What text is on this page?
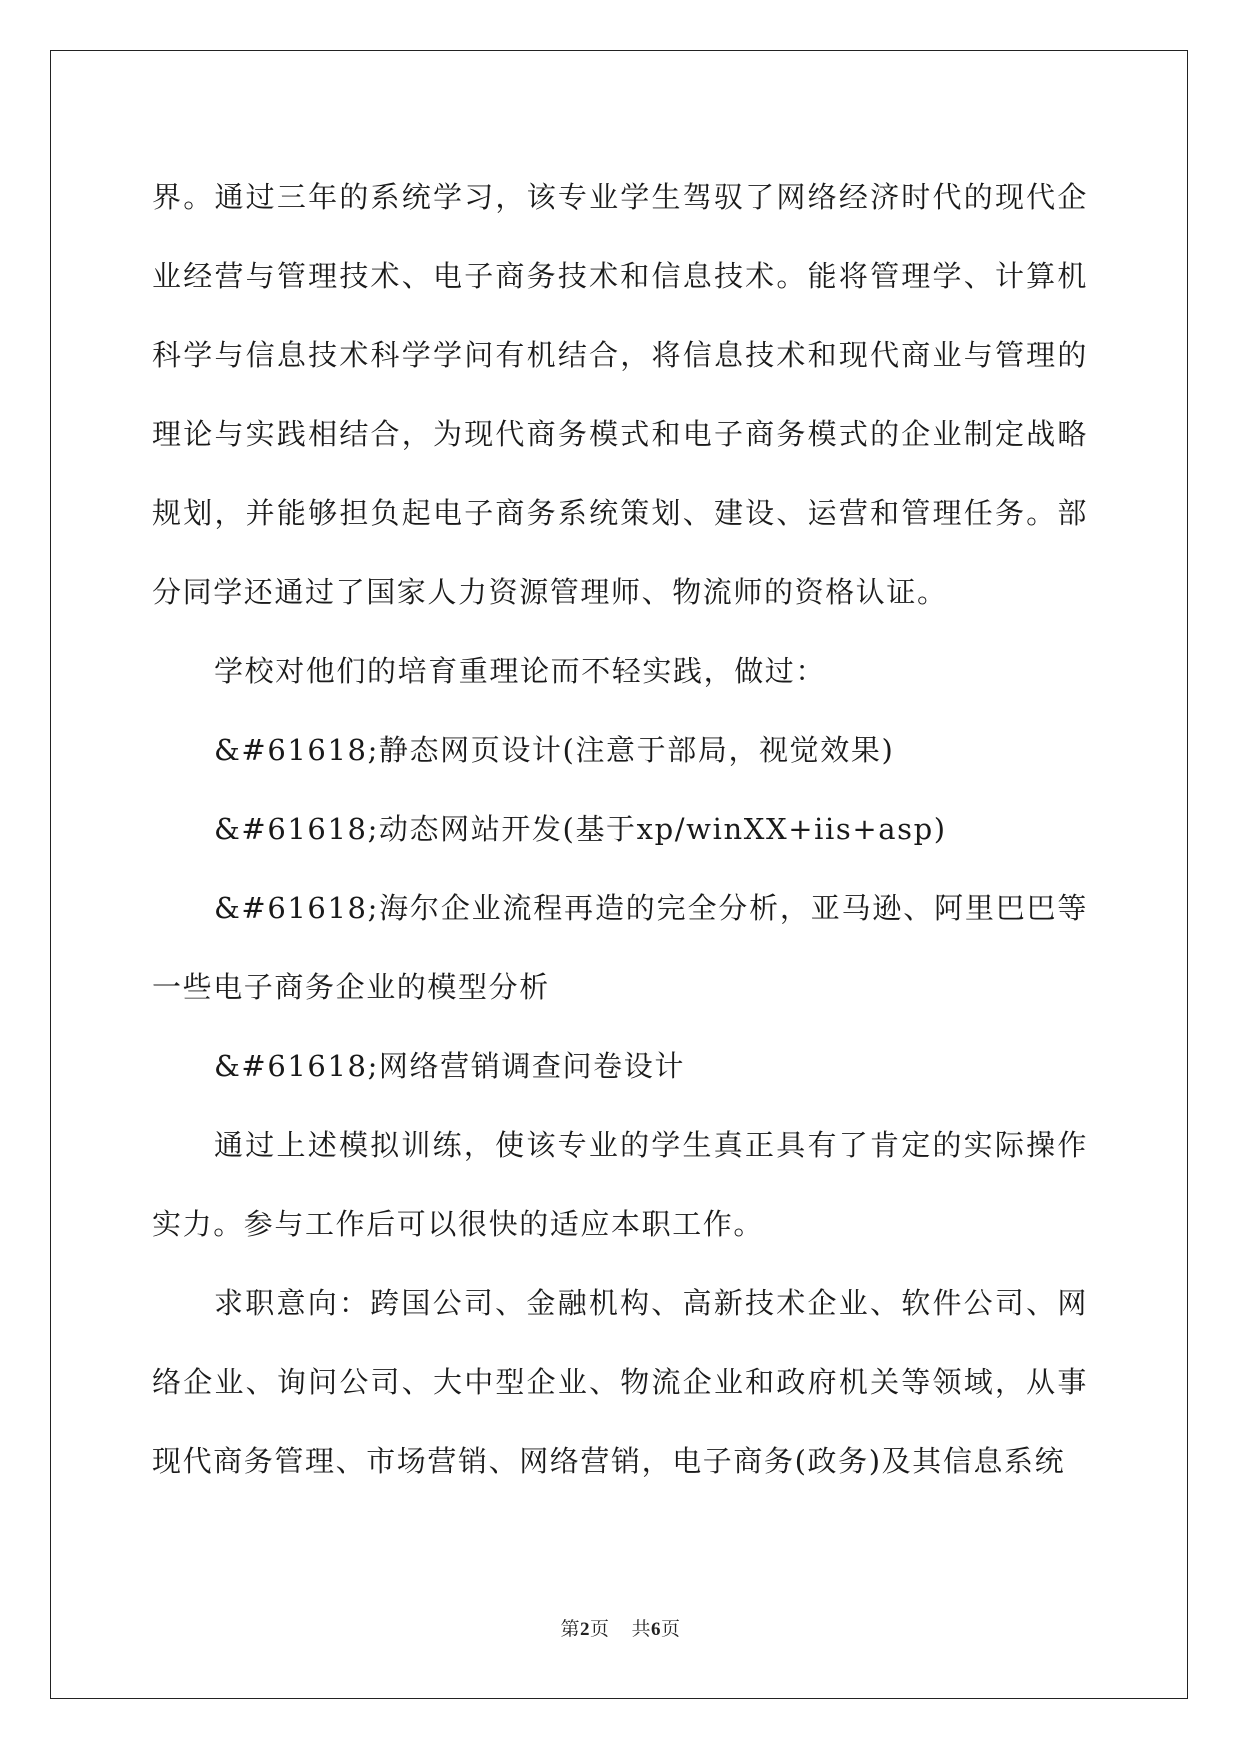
界。通过三年的系统学习，该专业学生驾驭了网络经济时代的现代企业经营与管理技术、电子商务技术和信息技术。能将管理学、计算机科学与信息技术科学学问有机结合，将信息技术和现代商业与管理的理论与实践相结合，为现代商务模式和电子商务模式的企业制定战略规划，并能够担负起电子商务系统策划、建设、运营和管理任务。部分同学还通过了国家人力资源管理师、物流师的资格认证。

学校对他们的培育重理论而不轻实践，做过：

&#61618;静态网页设计(注意于部局，视觉效果)

&#61618;动态网站开发(基于xp/winXX+iis+asp)

&#61618;海尔企业流程再造的完全分析，亚马逊、阿里巴巴等一些电子商务企业的模型分析

&#61618;网络营销调查问卷设计

通过上述模拟训练，使该专业的学生真正具有了肯定的实际操作实力。参与工作后可以很快的适应本职工作。

求职意向：跨国公司、金融机构、高新技术企业、软件公司、网络企业、询问公司、大中型企业、物流企业和政府机关等领域，从事现代商务管理、市场营销、网络营销，电子商务(政务)及其信息系统

第2页 共6页
